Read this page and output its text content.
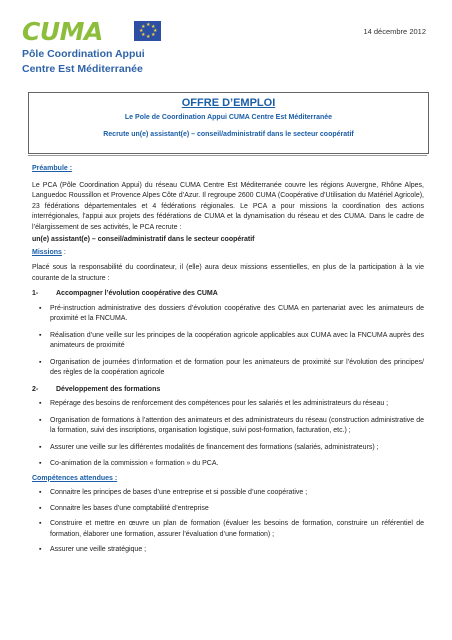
CUMA	★ ★
★
★
★
★
★
★
Pôle Coordination Appui
Centre Est Méditerranée
14 décembre 2012
OFFRE D’EMPLOI
Le Pole de Coordination Appui CUMA Centre Est Méditerranée
Recrute un(e) assistant(e) – conseil/administratif dans le secteur coopératif

Préambule :

Le PCA (Pôle Coordination Appui) du réseau CUMA Centre Est Méditerranée couvre les régions Auvergne, Rhône Alpes, Languedoc Roussillon et Provence Alpes Côte d’Azur. Il regroupe 2600 CUMA (Coopérative d’Utilisation du Matériel Agricole), 23 fédérations départementales et 4 fédérations régionales. Le PCA a pour missions la coordination des actions interrégionales, l’appui aux projets des fédérations de CUMA et la dynamisation du réseau et des CUMA. Dans le cadre de l’élargissement de ses activités, le PCA recrute :

un(e) assistant(e) – conseil/administratif dans le secteur coopératif

Missions :

Placé sous la responsabilité du coordinateur, il (elle) aura deux missions essentielles, en plus de la participation à la vie courante de la structure :

1-	Accompagner l’évolution coopérative des CUMA
▪ Pré-instruction administrative des dossiers d’évolution coopérative des CUMA en partenariat avec les animateurs de proximité et la FNCUMA.
▪ Réalisation d’une veille sur les principes de la coopération agricole applicables aux CUMA avec la FNCUMA auprès des animateurs de proximité
▪ Organisation de journées d’information et de formation pour les animateurs de proximité sur l’évolution des principes/ des règles de la coopération agricole
2-	Développement des formations
▪ Repérage des besoins de renforcement des compétences pour les salariés et les administrateurs du réseau ;
▪ Organisation de formations à l’attention des animateurs et des administrateurs du réseau (construction administrative de la formation, suivi des inscriptions, organisation logistique, suivi post-formation, facturation, etc.) ;
▪ Assurer une veille sur les différentes modalités de financement des formations (salariés, administrateurs) ;
▪ Co-animation de la commission « formation » du PCA.

Compétences attendues :

▪ Connaitre les principes de bases d’une entreprise et si possible d’une coopérative ;
▪ Connaitre les bases d’une comptabilité d’entreprise
▪ Construire et mettre en œuvre un plan de formation (évaluer les besoins de formation, construire un référentiel de formation, élaborer une formation, assurer l’évaluation d’une formation) ;
▪ Assurer une veille stratégique ;
